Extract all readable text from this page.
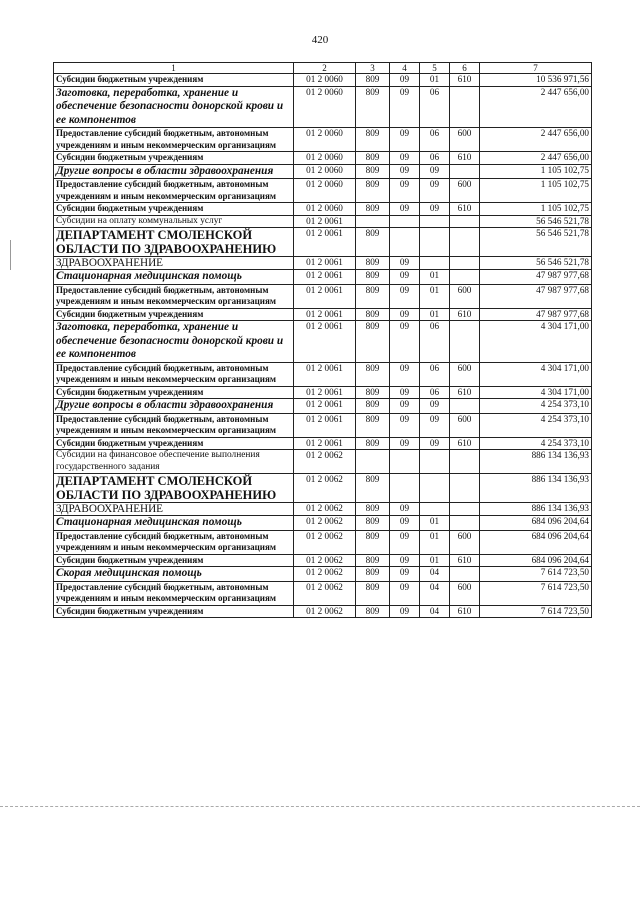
420
1	2	3	4	5	6	7
Субсидии бюджетным учреждениям	01 2 0060	809	09	01	610	10 536 971,56
Заготовка, переработка, хранение и обеспечение безопасности донорской крови и ее компонентов	01 2 0060	809	09	06		2 447 656,00
Предоставление субсидий бюджетным, автономным учреждениям и иным некоммерческим организациям	01 2 0060	809	09	06	600	2 447 656,00
Субсидии бюджетным учреждениям	01 2 0060	809	09	06	610	2 447 656,00
Другие вопросы в области здравоохранения	01 2 0060	809	09	09		1 105 102,75
Предоставление субсидий бюджетным, автономным учреждениям и иным некоммерческим организациям	01 2 0060	809	09	09	600	1 105 102,75
Субсидии бюджетным учреждениям	01 2 0060	809	09	09	610	1 105 102,75
Субсидии на оплату коммунальных услуг	01 2 0061					56 546 521,78
ДЕПАРТАМЕНТ СМОЛЕНСКОЙ ОБЛАСТИ ПО ЗДРАВООХРАНЕНИЮ	01 2 0061	809				56 546 521,78
ЗДРАВООХРАНЕНИЕ	01 2 0061	809	09			56 546 521,78
Стационарная медицинская помощь	01 2 0061	809	09	01		47 987 977,68
Предоставление субсидий бюджетным, автономным учреждениям и иным некоммерческим организациям	01 2 0061	809	09	01	600	47 987 977,68
Субсидии бюджетным учреждениям	01 2 0061	809	09	01	610	47 987 977,68
Заготовка, переработка, хранение и обеспечение безопасности донорской крови и ее компонентов	01 2 0061	809	09	06		4 304 171,00
Предоставление субсидий бюджетным, автономным учреждениям и иным некоммерческим организациям	01 2 0061	809	09	06	600	4 304 171,00
Субсидии бюджетным учреждениям	01 2 0061	809	09	06	610	4 304 171,00
Другие вопросы в области здравоохранения	01 2 0061	809	09	09		4 254 373,10
Предоставление субсидий бюджетным, автономным учреждениям и иным некоммерческим организациям	01 2 0061	809	09	09	600	4 254 373,10
Субсидии бюджетным учреждениям	01 2 0061	809	09	09	610	4 254 373,10
Субсидии на финансовое обеспечение выполнения государственного задания	01 2 0062					886 134 136,93
ДЕПАРТАМЕНТ СМОЛЕНСКОЙ ОБЛАСТИ ПО ЗДРАВООХРАНЕНИЮ	01 2 0062	809				886 134 136,93
ЗДРАВООХРАНЕНИЕ	01 2 0062	809	09			886 134 136,93
Стационарная медицинская помощь	01 2 0062	809	09	01		684 096 204,64
Предоставление субсидий бюджетным, автономным учреждениям и иным некоммерческим организациям	01 2 0062	809	09	01	600	684 096 204,64
Субсидии бюджетным учреждениям	01 2 0062	809	09	01	610	684 096 204,64
Скорая медицинская помощь	01 2 0062	809	09	04		7 614 723,50
Предоставление субсидий бюджетным, автономным учреждениям и иным некоммерческим организациям	01 2 0062	809	09	04	600	7 614 723,50
Субсидии бюджетным учреждениям	01 2 0062	809	09	04	610	7 614 723,50
